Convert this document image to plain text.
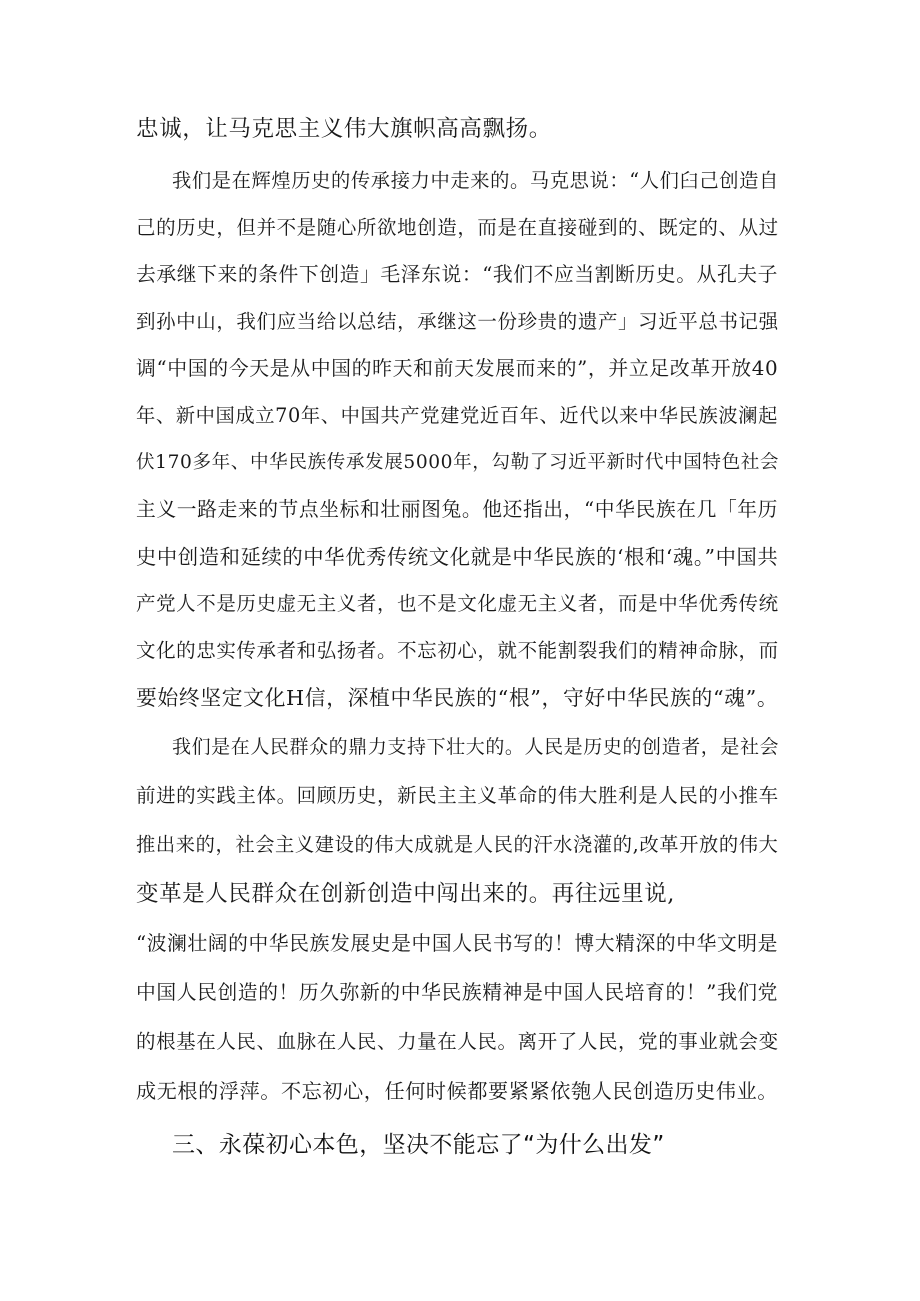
忠诚，让马克思主义伟大旗帜高高飘扬。
我们是在辉煌历史的传承接力中走来的。马克思说：“人们臼己创造自
己的历史，但并不是随心所欲地创造，而是在直接碰到的、既定的、从过
去承继下来的条件下创造」毛泽东说：“我们不应当割断历史。从孔夫子
到孙中山，我们应当给以总结，承继这一份珍贵的遗产」习近平总书记强
调“中国的今天是从中国的昨天和前天发展而来的”，并立足改革开放40
年、新中国成立70年、中国共产党建党近百年、近代以来中华民族波澜起
伏170多年、中华民族传承发展5000年，勾勒了习近平新时代中国特色社会
主义一路走来的节点坐标和壮丽图兔。他还指出，“中华民族在几「年历
史中创造和延续的中华优秀传统文化就是中华民族的‘根和‘魂。”中国共
产党人不是历史虚无主义者，也不是文化虚无主义者，而是中华优秀传统
文化的忠实传承者和弘扬者。不忘初心，就不能割裂我们的精神命脉，而
要始终坚定文化H信，深植中华民族的“根”，守好中华民族的“魂”。
我们是在人民群众的鼎力支持下壮大的。人民是历史的创造者，是社会
前进的实践主体。回顾历史，新民主主义革命的伟大胜利是人民的小推车
推出来的，社会主义建设的伟大成就是人民的汗水浇灌的,改革开放的伟大
变革是人民群众在创新创造中闯出来的。再往远里说,
“波澜壮阔的中华民族发展史是中国人民书写的！博大精深的中华文明是
中国人民创造的！历久弥新的中华民族精神是中国人民培育的！”我们党
的根基在人民、血脉在人民、力量在人民。离开了人民，党的事业就会变
成无根的浮萍。不忘初心，任何时候都要紧紧依匏人民创造历史伟业。
三、永葆初心本色，坚决不能忘了“为什么出发”
